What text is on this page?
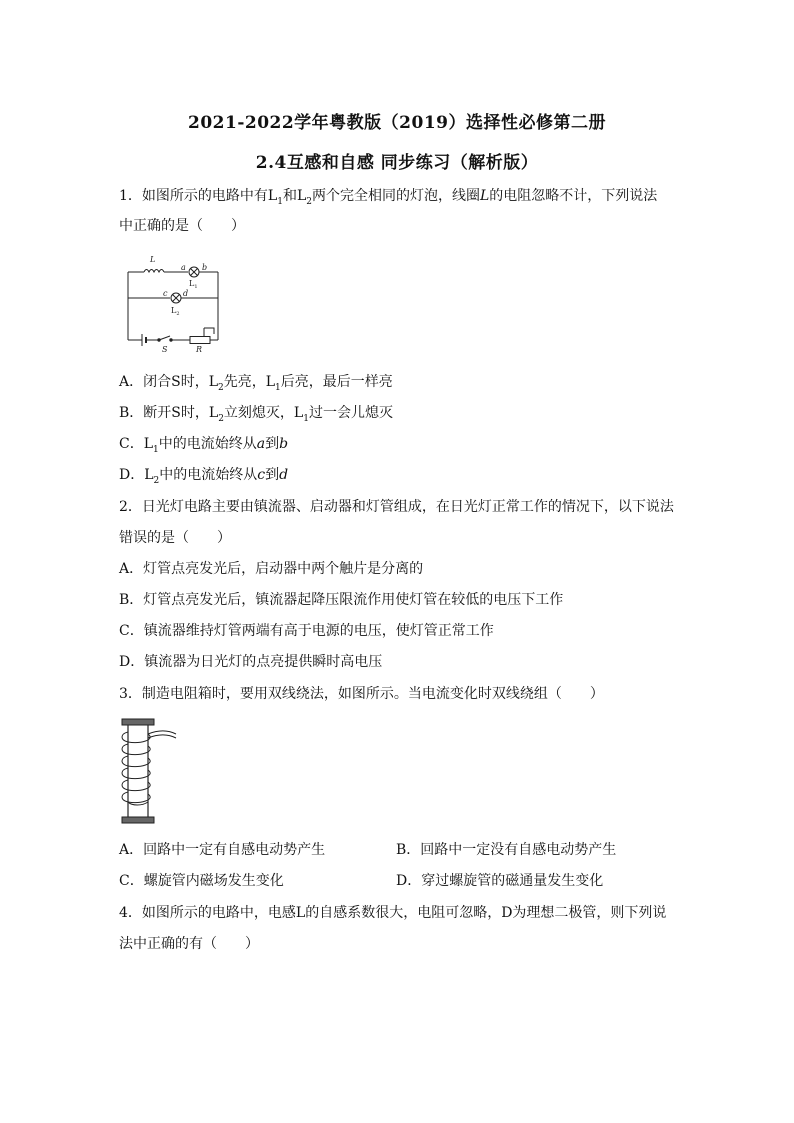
2021-2022学年粤教版（2019）选择性必修第二册
2.4互感和自感 同步练习（解析版）
1．如图所示的电路中有$L_1$和$L_2$两个完全相同的灯泡，线圈L的电阻忽略不计，下列说法
中正确的是（　　）
L
a b
$L_1$
c d
$L_2$
S	R
A．闭合S时，$L_2$先亮，$L_1$后亮，最后一样亮
B．断开S时，$L_2$立刻熄灭，$L_1$过一会儿熄灭
C．$L_1$中的电流始终从a到b
D．$L_2$中的电流始终从c到d
2．日光灯电路主要由镇流器、启动器和灯管组成，在日光灯正常工作的情况下，以下说法
错误的是（　　）
A．灯管点亮发光后，启动器中两个触片是分离的
B．灯管点亮发光后，镇流器起降压限流作用使灯管在较低的电压下工作
C．镇流器维持灯管两端有高于电源的电压，使灯管正常工作
D．镇流器为日光灯的点亮提供瞬时高电压
3．制造电阻箱时，要用双线绕法，如图所示。当电流变化时双线绕组（　　）
A．回路中一定有自感电动势产生	B．回路中一定没有自感电动势产生
C．螺旋管内磁场发生变化	D．穿过螺旋管的磁通量发生变化
4．如图所示的电路中，电感L的自感系数很大，电阻可忽略，D为理想二极管，则下列说
法中正确的有（　　）
